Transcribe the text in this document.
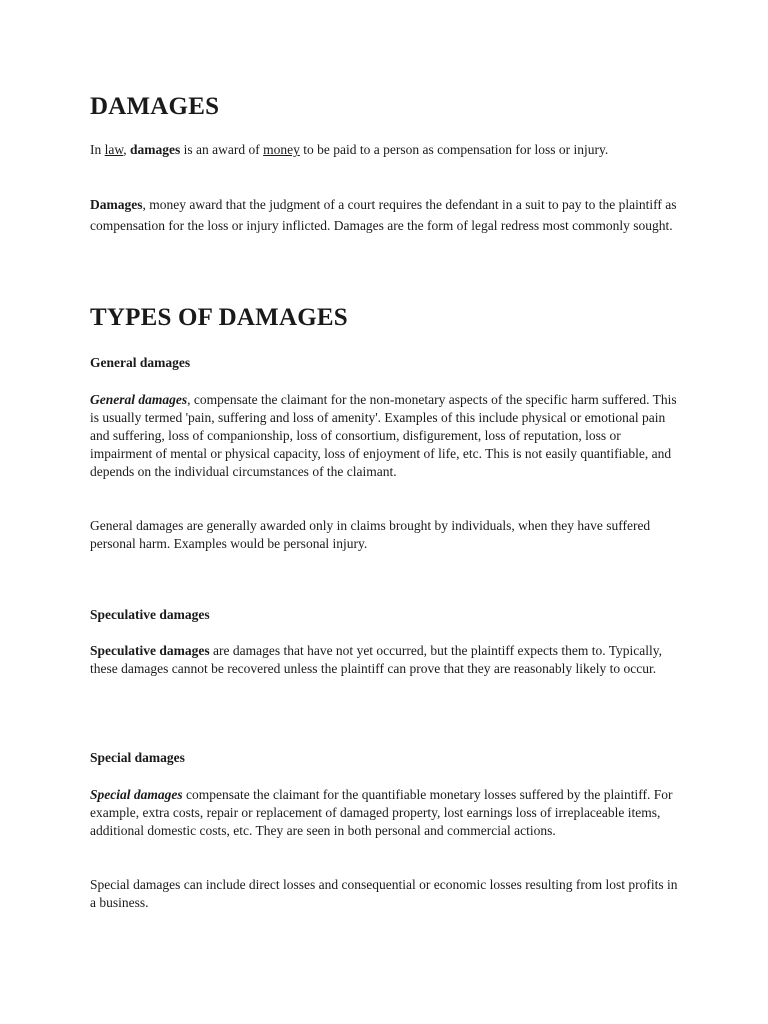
DAMAGES

In law, damages is an award of money to be paid to a person as compensation for loss or injury.

Damages, money award that the judgment of a court requires the defendant in a suit to pay to the plaintiff as compensation for the loss or injury inflicted. Damages are the form of legal redress most commonly sought.

TYPES OF DAMAGES
General damages

General damages, compensate the claimant for the non-monetary aspects of the specific harm suffered. This is usually termed 'pain, suffering and loss of amenity'. Examples of this include physical or emotional pain and suffering, loss of companionship, loss of consortium, disfigurement, loss of reputation, loss or impairment of mental or physical capacity, loss of enjoyment of life, etc. This is not easily quantifiable, and depends on the individual circumstances of the claimant.

General damages are generally awarded only in claims brought by individuals, when they have suffered personal harm. Examples would be personal injury.

Speculative damages

Speculative damages are damages that have not yet occurred, but the plaintiff expects them to. Typically, these damages cannot be recovered unless the plaintiff can prove that they are reasonably likely to occur.

Special damages

Special damages compensate the claimant for the quantifiable monetary losses suffered by the plaintiff. For example, extra costs, repair or replacement of damaged property, lost earnings loss of irreplaceable items, additional domestic costs, etc. They are seen in both personal and commercial actions.

Special damages can include direct losses and consequential or economic losses resulting from lost profits in a business.
